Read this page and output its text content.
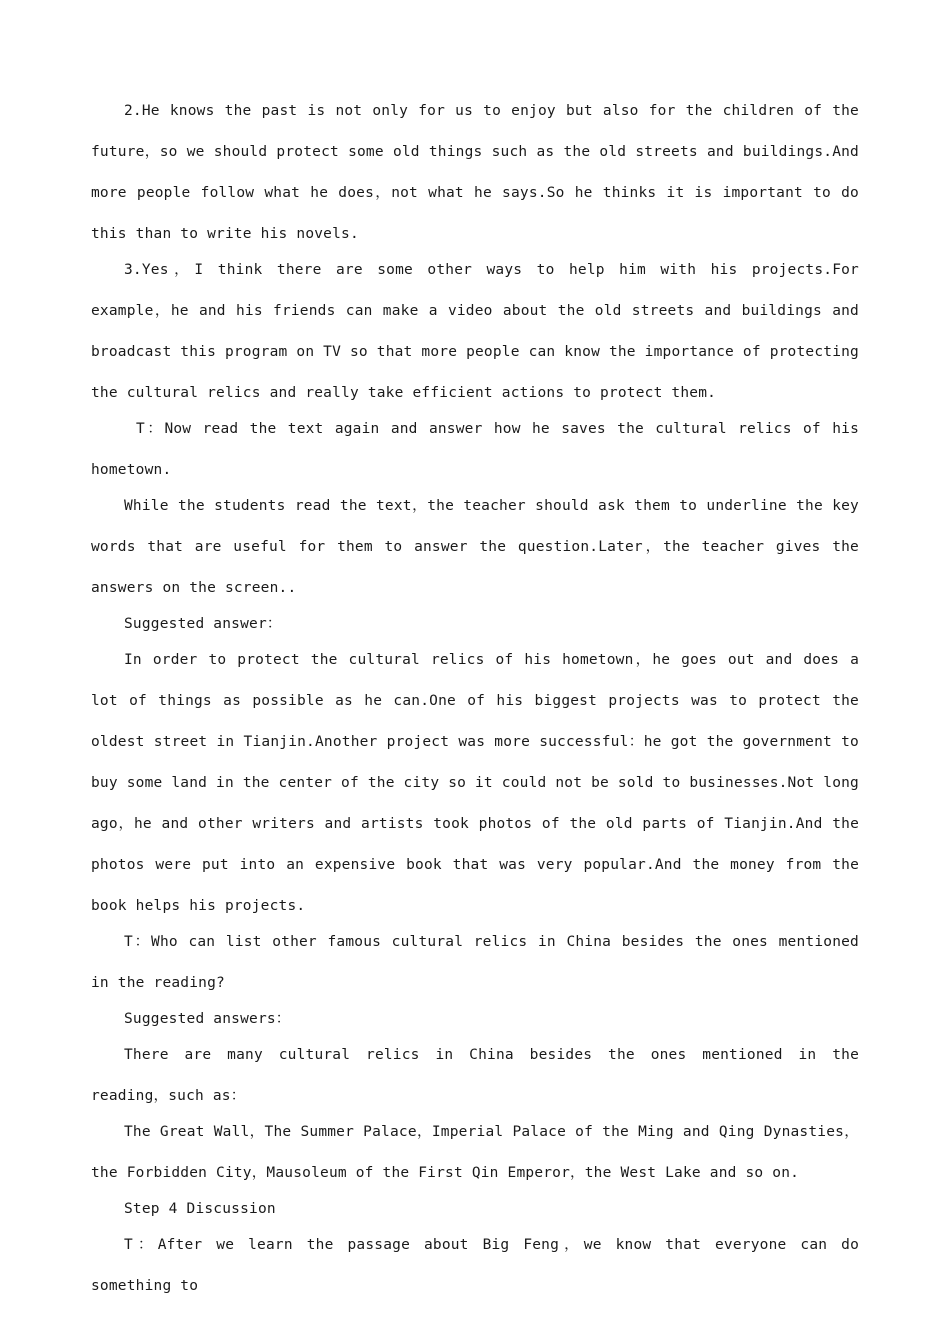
2.He knows the past is not only for us to enjoy but also for the children of the future，so we should protect some old things such as the old streets and buildings.And more people follow what he does，not what he says.So he thinks it is important to do this than to write his novels.

3.Yes，I think there are some other ways to help him with his projects.For example，he and his friends can make a video about the old streets and buildings and broadcast this program on TV so that more people can know the importance of protecting the cultural relics and really take efficient actions to protect them.

T：Now read the text again and answer how he saves the cultural relics of his hometown.

While the students read the text，the teacher should ask them to underline the key words that are useful for them to answer the question.Later，the teacher gives the answers on the screen..

Suggested answer：

In order to protect the cultural relics of his hometown，he goes out and does a lot of things as possible as he can.One of his biggest projects was to protect the oldest street in Tianjin.Another project was more successful：he got the government to buy some land in the center of the city so it could not be sold to businesses.Not long ago，he and other writers and artists took photos of the old parts of Tianjin.And the photos were put into an expensive book that was very popular.And the money from the book helps his projects.

T：Who can list other famous cultural relics in China besides the ones mentioned in the reading?

Suggested answers：

There are many cultural relics in China besides the ones mentioned in the reading，such as：

The Great Wall，The Summer Palace，Imperial Palace of the Ming and Qing Dynasties，the Forbidden City，Mausoleum of the First Qin Emperor，the West Lake and so on.

Step 4 Discussion

T：After we learn the passage about Big Feng，we know that everyone can do something to
